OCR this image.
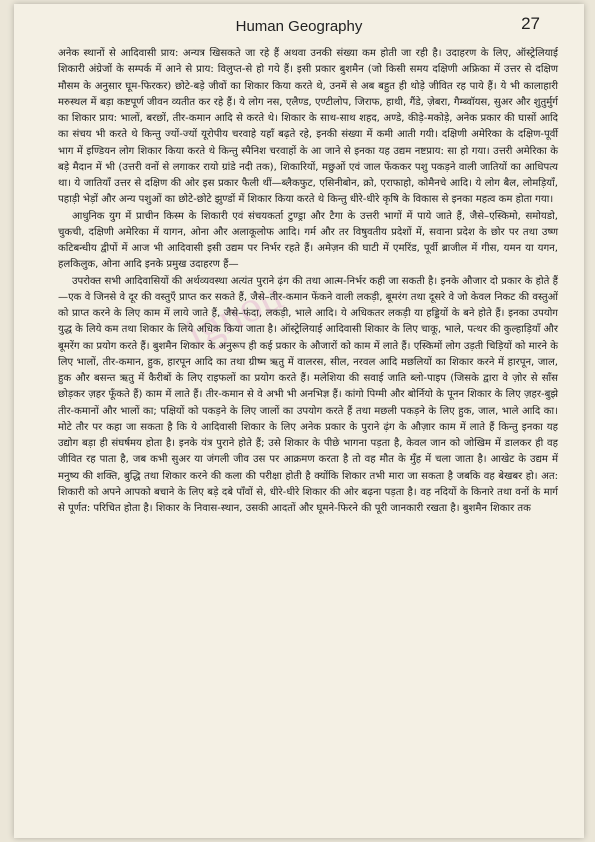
Human Geography	27
ignou

अनेक स्थानों से आदिवासी प्राय: अन्यत्र खिसकते जा रहे हैं अथवा उनकी संख्या कम होती जा रही है। उदाहरण के लिए, ऑस्ट्रेलियाई शिकारी अंग्रेजों के सम्पर्क में आने से प्राय: विलुप्त-से हो गये हैं। इसी प्रकार बुशमैन (जो किसी समय दक्षिणी अफ्रिका में उत्तर से दक्षिण मौसम के अनुसार घूम-फिरकर) छोटे-बड़े जीवों का शिकार किया करते थे, उनमें से अब बहुत ही थोड़े जीवित रह पाये हैं। ये भी कालाहारी मरुस्थल में बड़ा कष्टपूर्ण जीवन व्यतीत कर रहे हैं। ये लोग नस, एलैण्ड, एण्टीलोप, जिराफ, हाथी, गैंडे, ज़ेबरा, गैम्ब्वॉयस, सुअर और शुतुर्मुर्ग का शिकार प्राय: भालों, बरछों, तीर-कमान आदि से करते थे। शिकार के साथ-साथ शहद, अण्डे, कीड़े-मकोड़े, अनेक प्रकार की घासों आदि का संचय भी करते थे किन्तु ज्यों-ज्यों यूरोपीय चरवाहे यहाँ बढ़ते रहे, इनकी संख्या में कमी आती गयी। दक्षिणी अमेरिका के दक्षिण-पूर्वी भाग में इण्डियन लोग शिकार किया करते थे किन्तु स्पैनिश चरवाहों के आ जाने से इनका यह उद्यम नष्टप्राय: सा हो गया। उत्तरी अमेरिका के बड़े मैदान में भी (उत्तरी वनों से लगाकर रायो ग्रांडे नदी तक), शिकारियों, मछुओं एवं जाल फेंककर पशु पकड़ने वाली जातियों का आधिपत्य था। ये जातियाँ उत्तर से दक्षिण की ओर इस प्रकार फैली थीं—ब्लैकफुट, एसिनीबोन, क्रो, एराफाहो, कोमैनचे आदि। ये लोग बैल, लोमड़ियाँ, पहाड़ी भेड़ों और अन्य पशुओं का छोटे-छोटे झुण्डों में शिकार किया करते थे किन्तु धीरे-धीरे कृषि के विकास से इनका महत्व कम होता गया।

आधुनिक युग में प्राचीन किस्म के शिकारी एवं संचयकर्ता टुण्ड्रा और टैगा के उत्तरी भागों में पाये जाते हैं, जैसे–एस्किमो, समोयडो, चुकची, दक्षिणी अमेरिका में यागन, ओना और अलाकूलोफ आदि। गर्म और तर विषुवतीय प्रदेशों में, सवाना प्रदेश के छोर पर तथा उष्ण कटिबन्धीय द्वीपों में आज भी आदिवासी इसी उद्यम पर निर्भर रहते हैं। अमेज़न की घाटी में एमरिंड, पूर्वी ब्राजील में गीस, यमन या यगन, हलकिलुक, ओना आदि इनके प्रमुख उदाहरण हैं—

उपरोक्त सभी आदिवासियों की अर्थव्यवस्था अत्यंत पुराने ढ़ंग की तथा आत्म-निर्भर कही जा सकती है। इनके औजार दो प्रकार के होते हैं—एक वे जिनसे वे दूर की वस्तुएँ प्राप्त कर सकते हैं, जैसे–तीर-कमान फेंकने वाली लकड़ी, बूमरंग तथा दूसरे वे जो केवल निकट की वस्तुओं को प्राप्त करने के लिए काम में लाये जाते हैं, जैसे–फंदा, लकड़ी, भाले आदि। ये अधिकतर लकड़ी या हड्डियों के बने होते हैं। इनका उपयोग युद्ध के लिये कम तथा शिकार के लिये अधिक किया जाता है। ऑस्ट्रेलियाई आदिवासी शिकार के लिए चाकू, भाले, पत्थर की कुल्हाड़ियाँ और बूमरेंग का प्रयोग करते हैं। बुशमैन शिकार के अनुरूप ही कई प्रकार के औजारों को काम में लाते हैं। एस्किमों लोग उड़ती चिड़ियों को मारने के लिए भालों, तीर-कमान, हुक, हारपून आदि का तथा ग्रीष्म ऋतु में वालरस, सील, नरवल आदि मछलियों का शिकार करने में हारपून, जाल, हुक और बसन्त ऋतु में कैरीबों के लिए राइफलों का प्रयोग करते हैं। मलेशिया की सवाई जाति ब्लो-पाइप (जिसके द्वारा वे ज़ोर से साँस छोड़कर ज़हर फूँकते हैं) काम में लाते हैं। तीर-कमान से वे अभी भी अनभिज्ञ हैं। कांगो पिग्मी और बोर्नियो के पूनन शिकार के लिए ज़हर-बुझे तीर-कमानों और भालों का; पक्षियों को पकड़ने के लिए जालों का उपयोग करते हैं तथा मछली पकड़ने के लिए हुक, जाल, भाले आदि का। मोटे तौर पर कहा जा सकता है कि ये आदिवासी शिकार के लिए अनेक प्रकार के पुराने ढ़ंग के औज़ार काम में लाते हैं किन्तु इनका यह उद्योग बड़ा ही संघर्षमय होता है। इनके यंत्र पुराने होते हैं; उसे शिकार के पीछे भागना पड़ता है, केवल जान को जोखिम में डालकर ही वह जीवित रह पाता है, जब कभी सुअर या जंगली जीव उस पर आक्रमण करता है तो वह मौत के मुँह में चला जाता है। आखेट के उद्यम में मनुष्य की शक्ति, बुद्धि तथा शिकार करने की कला की परीक्षा होती है क्योंकि शिकार तभी मारा जा सकता है जबकि वह बेखबर हो। अत: शिकारी को अपने आपको बचाने के लिए बड़े दबे पाँवों से, धीरे-धीरे शिकार की ओर बढ़ना पड़ता है। वह नदियों के किनारे तथा वनों के मार्ग से पूर्णत: परिचित होता है। शिकार के निवास-स्थान, उसकी आदतों और घूमने-फिरने की पूरी जानकारी रखता है। बुशमैन शिकार तक
